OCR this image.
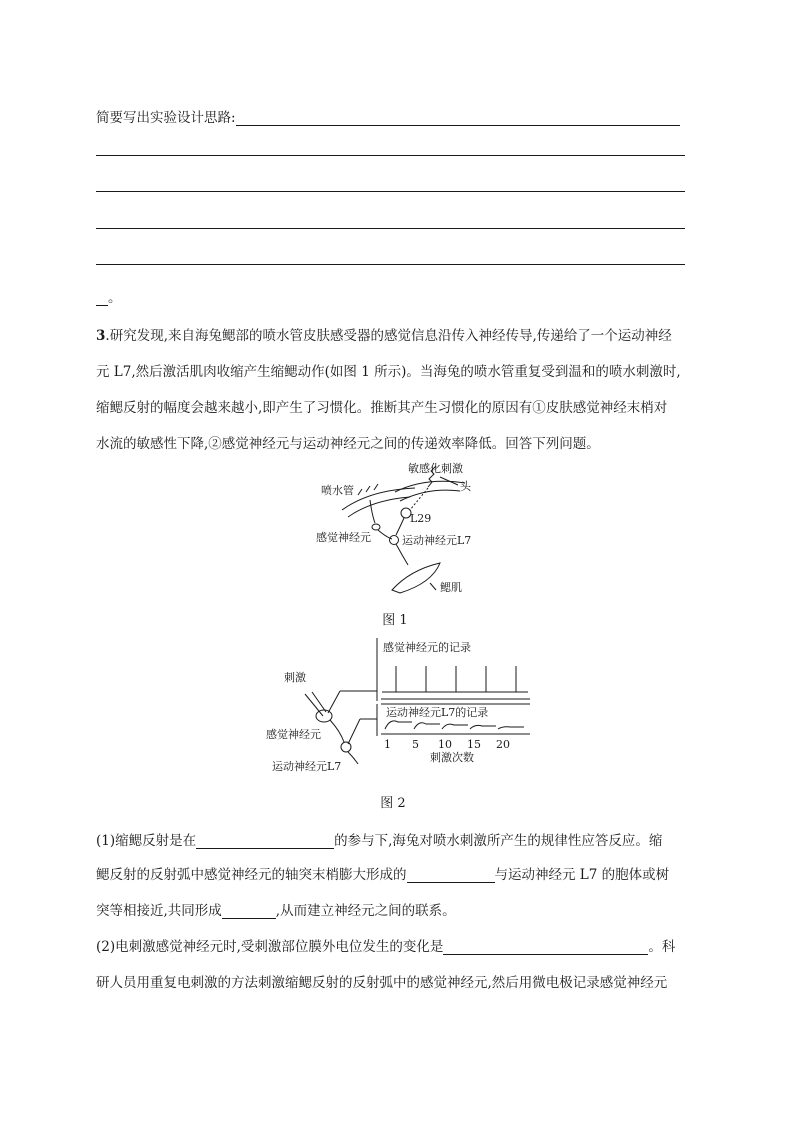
简要写出实验设计思路:
。
3.研究发现,来自海兔鳃部的喷水管皮肤感受器的感觉信息沿传入神经传导,传递给了一个运动神经
元 L7,然后激活肌肉收缩产生缩鳃动作(如图 1 所示)。当海兔的喷水管重复受到温和的喷水刺激时,
缩鳃反射的幅度会越来越小,即产生了习惯化。推断其产生习惯化的原因有①皮肤感觉神经末梢对
水流的敏感性下降,②感觉神经元与运动神经元之间的传递效率降低。回答下列问题。
喷水管
敏感化刺激
头
L29
感觉神经元	运动神经元L7
鳃肌
图 1
刺激
感觉神经元的记录
运动神经元L7的记录
感觉神经元
运动神经元L7
1 5 10 15 20
刺激次数
图 2
(1)缩鳃反射是在	的参与下,海兔对喷水刺激所产生的规律性应答反应。缩
鳃反射的反射弧中感觉神经元的轴突末梢膨大形成的	与运动神经元 L7 的胞体或树
突等相接近,共同形成	,从而建立神经元之间的联系。
(2)电刺激感觉神经元时,受刺激部位膜外电位发生的变化是	。科
研人员用重复电刺激的方法刺激缩鳃反射的反射弧中的感觉神经元,然后用微电极记录感觉神经元
